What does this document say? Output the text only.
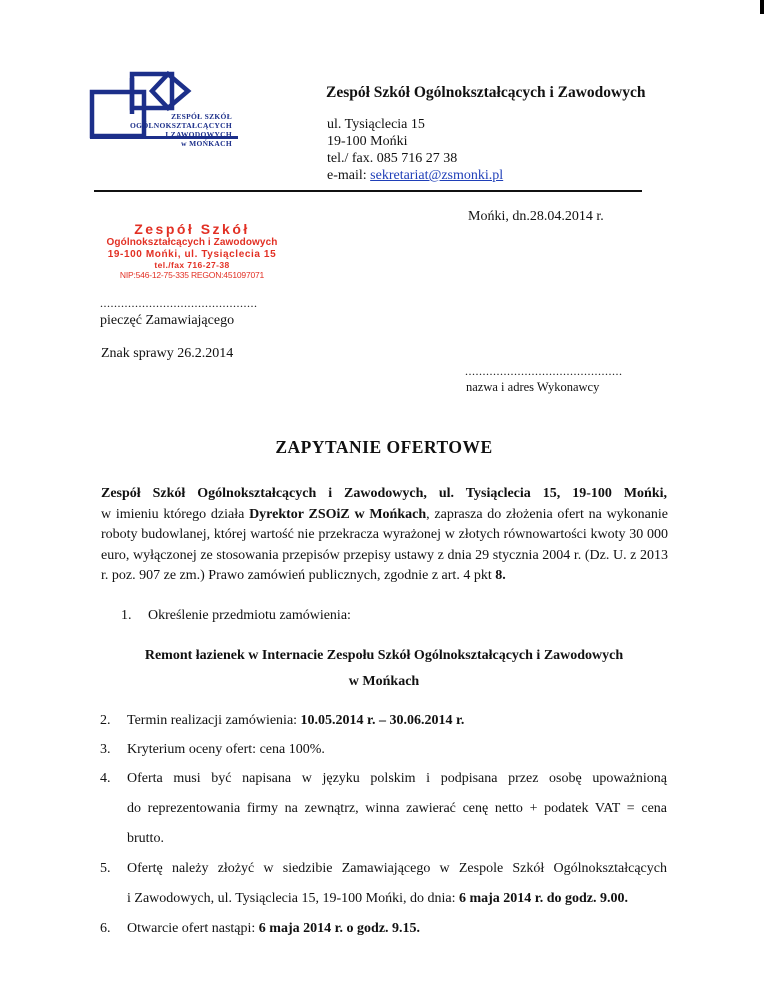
ZESPÓŁ SZKÓŁ
OGÓLNOKSZTAŁCĄCYCH
I ZAWODOWYCH
w MOŃKACH
Zespół Szkół Ogólnokształcących i Zawodowych
ul. Tysiąclecia 15
19-100 Mońki
tel./ fax. 085 716 27 38
e-mail: sekretariat@zsmonki.pl
Mońki, dn.28.04.2014 r.
Zespół Szkół
Ogólnokształcących i Zawodowych
19-100 Mońki, ul. Tysiąclecia 15
tel./fax 716-27-38
NIP:546-12-75-335 REGON:451097071
.............................................
pieczęć Zamawiającego
Znak sprawy 26.2.2014
.............................................
nazwa i adres Wykonawcy
ZAPYTANIE OFERTOWE
Zespół Szkół Ogólnokształcących i Zawodowych, ul. Tysiąclecia 15, 19-100 Mońki, w imieniu którego działa Dyrektor ZSOiZ w Mońkach, zaprasza do złożenia ofert na wykonanie roboty budowlanej, której wartość nie przekracza wyrażonej w złotych równowartości kwoty 30 000 euro, wyłączonej ze stosowania przepisów przepisy ustawy z dnia 29 stycznia 2004 r. (Dz. U. z 2013 r. poz. 907 ze zm.) Prawo zamówień publicznych, zgodnie z art. 4 pkt 8.
1. Określenie przedmiotu zamówienia:
Remont łazienek w Internacie Zespołu Szkół Ogólnokształcących i Zawodowych
w Mońkach
2. Termin realizacji zamówienia: 10.05.2014 r. – 30.06.2014 r.
3. Kryterium oceny ofert: cena 100%.
4. Oferta musi być napisana w języku polskim i podpisana przez osobę upoważnioną
do reprezentowania firmy na zewnątrz, winna zawierać cenę netto + podatek VAT = cena
brutto.
5. Ofertę należy złożyć w siedzibie Zamawiającego w Zespole Szkół Ogólnokształcących
i Zawodowych, ul. Tysiąclecia 15, 19-100 Mońki, do dnia: 6 maja 2014 r. do godz. 9.00.
6. Otwarcie ofert nastąpi: 6 maja 2014 r. o godz. 9.15.
